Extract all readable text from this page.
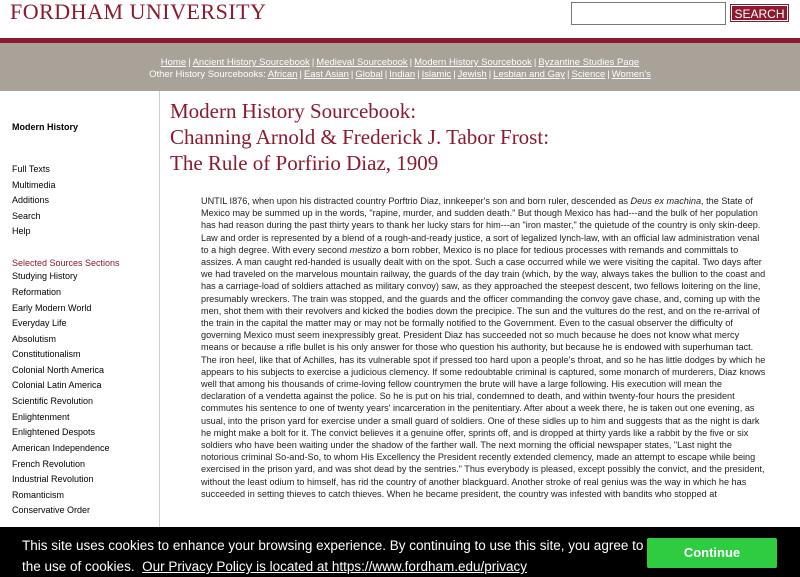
FORDHAM UNIVERSITY	SEARCH
Home | Ancient History Sourcebook | Medieval Sourcebook | Modern History Sourcebook | Byzantine Studies Page
Other History Sourcebooks: African | East Asian | Global | Indian | Islamic | Jewish | Lesbian and Gay | Science | Women's
Modern History
Full Texts
Multimedia
Additions
Search
Help
Selected Sources Sections
Studying History
Reformation
Early Modern World
Everyday Life
Absolutism
Constitutionalism
Colonial North America
Colonial Latin America
Scientific Revolution
Enlightenment
Enlightened Despots
American Independence
French Revolution
Industrial Revolution
Romanticism
Conservative Order
Modern History Sourcebook:
Channing Arnold & Frederick J. Tabor Frost:
The Rule of Porfirio Diaz, 1909
UNTIL I876, when upon his distracted country Porftrio Diaz, innkeeper's son and born ruler, descended as Deus ex machina, the State of Mexico may be summed up in the words, "rapine, murder, and sudden death." But though Mexico has had---and the bulk of her population has had reason during the past thirty years to thank her lucky stars for him---an "iron master," the quietude of the country is only skin-deep. Law and order is represented by a blend of a rough-and-ready justice, a sort of legalized lynch-law, with an official law administration venal to a high degree. With every second mestizo a born robber, Mexico is no place for tedious processes with remands and committals to assizes. A man caught red-handed is usually dealt with on the spot. Such a case occurred while we were visiting the capital. Two days after we had traveled on the marvelous mountain railway, the guards of the day train (which, by the way, always takes the bullion to the coast and has a carriage-load of soldiers attached as military convoy) saw, as they approached the steepest descent, two fellows loitering on the line, presumably wreckers. The train was stopped, and the guards and the officer commanding the convoy gave chase, and, coming up with the men, shot them with their revolvers and kicked the bodies down the precipice. The sun and the vultures do the rest, and on the re-arrival of the train in the capital the matter may or may not be formally notified to the Government. Even to the casual observer the difficulty of governing Mexico must seem inexpressibly great. President Diaz has succeeded not so much because he does not know what mercy means or because a rifle bullet is his only answer for those who question his authority, but because he is endowed with superhuman tact. The iron heel, like that of Achilles, has its vulnerable spot if pressed too hard upon a people's throat, and so he has little dodges by which he appears to his subjects to exercise a judicious clemency. If some redoubtable criminal is captured, some monarch of murderers, Diaz knows well that among his thousands of crime-loving fellow countrymen the brute will have a large following. His execution will mean the declaration of a vendetta against the police. So he is put on his trial, condemned to death, and within twenty-four hours the president commutes his sentence to one of twenty years' incarceration in the penitentiary. After about a week there, he is taken out one evening, as usual, into the prison yard for exercise under a small guard of soldiers. One of these sidles up to him and suggests that as the night is dark he might make a bolt for it. The convict believes it a genuine offer, sprints off, and is dropped at thirty yards like a rabbit by the five or six soldiers who have been waiting under the shadow of the farther wall. The next morning the official newspaper states, "Last night the notorious criminal So-and-So, to whom His Excellency the President recently extended clemency, made an attempt to escape while being exercised in the prison yard, and was shot dead by the sentries." Thus everybody is pleased, except possibly the convict, and the president, without the least odium to himself, has rid the country of another blackguard. Another stroke of real genius was the way in which he has succeeded in setting thieves to catch thieves. When he became president, the country was infested with bandits who stopped at
This site uses cookies to enhance your browsing experience. By continuing to use this site, you agree to the use of cookies. Our Privacy Policy is located at https://www.fordham.edu/privacy
Continue
